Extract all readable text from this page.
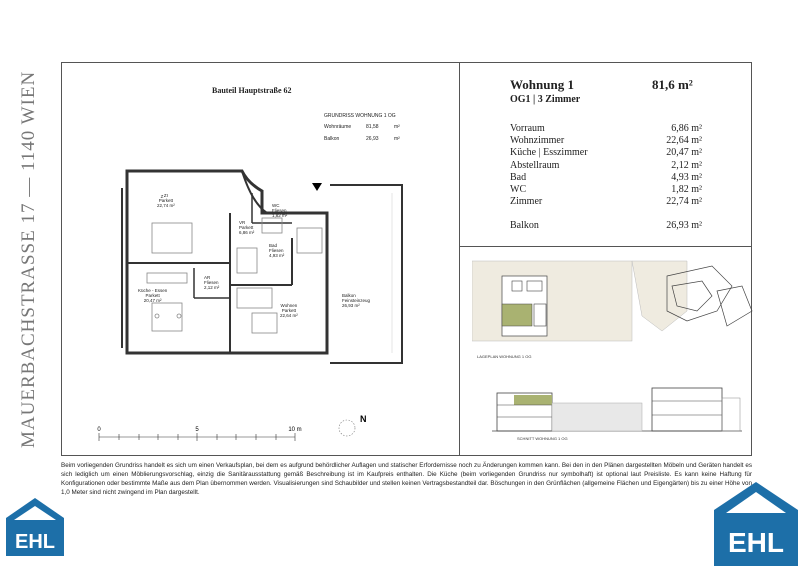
MAUERBACHSTRASSE 17 — 1140 WIEN	Bauteil Hauptstraße 62
GRUNDRISS WOHNUNG 1 OG
Wohnräume	81,58	m²
Balkon	26,93	m²
Z
0	5	10 m
N
ZI
Parkett
22,74 m²	WC
Fliesen
1,82 m²
VR
Parkett
6,86 m²
Bad
Fliesen
4,93 m²
AR
Fliesen
2,12 m²
Küche - Essen
Parkett
20,47 m²
Wohnen
Parkett
22,64 m²
Balkon
Feinsteinzeug
26,93 m²
Wohnung 1	81,6 m²
OG1 | 3 Zimmer
Vorraum	6,86 m²
Wohnzimmer	22,64 m²
Küche | Esszimmer	20,47 m²
Abstellraum	2,12 m²
Bad	4,93 m²
WC	1,82 m²
Zimmer	22,74 m²
Balkon	26,93 m²
LAGEPLAN WOHNUNG 1 OG
SCHNITT WOHNUNG 1 OG
Beim vorliegenden Grundriss handelt es sich um einen Verkaufsplan, bei dem es aufgrund behördlicher Auflagen und statischer Erfordernisse noch zu Änderungen kommen kann. Bei den in den Plänen dargestellten Möbeln und Geräten handelt es sich lediglich um einen Möblierungsvorschlag, einzig die Sanitärausstattung gemäß Beschreibung ist im Kaufpreis enthalten. Die Küche (beim vorliegenden Grundriss nur symbolhaft) ist optional laut Preisliste. Es kann keine Haftung für Konfigurationen oder bestimmte Maße aus dem Plan übernommen werden. Visualisierungen sind Schaubilder und stellen keinen Vertragsbestandteil dar. Böschungen in den Grünflächen (allgemeine Flächen und Eigengärten) bis zu einer Höhe von 1,0 Meter sind nicht zwingend im Plan dargestellt.
EHL	EHL
